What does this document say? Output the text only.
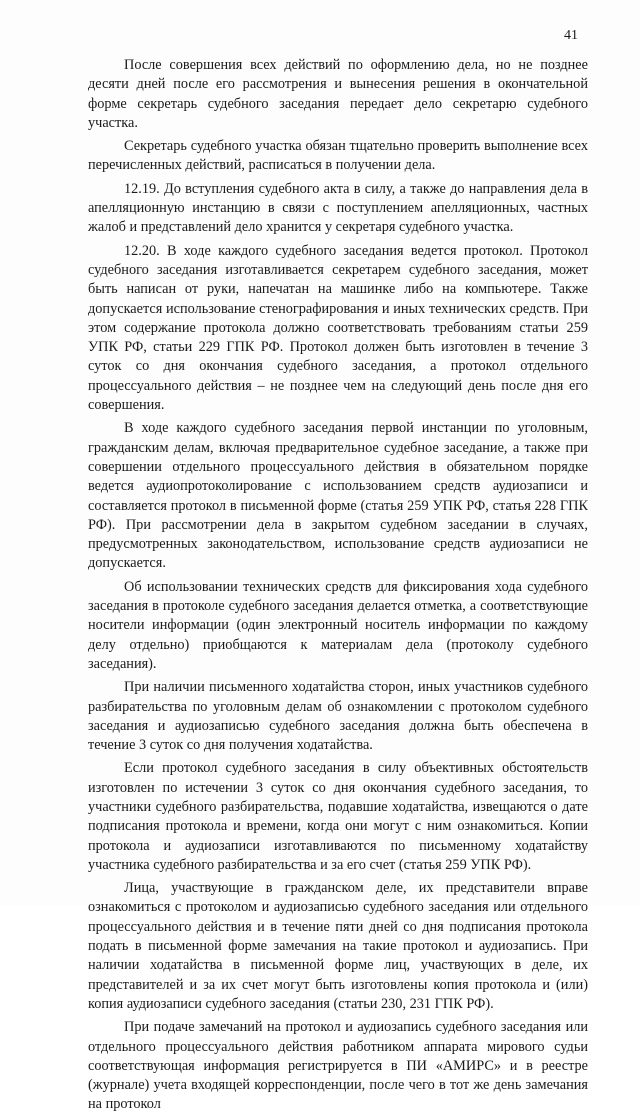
41

После совершения всех действий по оформлению дела, но не позднее десяти дней после его рассмотрения и вынесения решения в окончательной форме секретарь судебного заседания передает дело секретарю судебного участка.

Секретарь судебного участка обязан тщательно проверить выполнение всех перечисленных действий, расписаться в получении дела.

12.19. До вступления судебного акта в силу, а также до направления дела в апелляционную инстанцию в связи с поступлением апелляционных, частных жалоб и представлений дело хранится у секретаря судебного участка.

12.20. В ходе каждого судебного заседания ведется протокол. Протокол судебного заседания изготавливается секретарем судебного заседания, может быть написан от руки, напечатан на машинке либо на компьютере. Также допускается использование стенографирования и иных технических средств. При этом содержание протокола должно соответствовать требованиям статьи 259 УПК РФ, статьи 229 ГПК РФ. Протокол должен быть изготовлен в течение 3 суток со дня окончания судебного заседания, а протокол отдельного процессуального действия – не позднее чем на следующий день после дня его совершения.

В ходе каждого судебного заседания первой инстанции по уголовным, гражданским делам, включая предварительное судебное заседание, а также при совершении отдельного процессуального действия в обязательном порядке ведется аудиопротоколирование с использованием средств аудиозаписи и составляется протокол в письменной форме (статья 259 УПК РФ, статья 228 ГПК РФ). При рассмотрении дела в закрытом судебном заседании в случаях, предусмотренных законодательством, использование средств аудиозаписи не допускается.

Об использовании технических средств для фиксирования хода судебного заседания в протоколе судебного заседания делается отметка, а соответствующие носители информации (один электронный носитель информации по каждому делу отдельно) приобщаются к материалам дела (протоколу судебного заседания).

При наличии письменного ходатайства сторон, иных участников судебного разбирательства по уголовным делам об ознакомлении с протоколом судебного заседания и аудиозаписью судебного заседания должна быть обеспечена в течение 3 суток со дня получения ходатайства.

Если протокол судебного заседания в силу объективных обстоятельств изготовлен по истечении 3 суток со дня окончания судебного заседания, то участники судебного разбирательства, подавшие ходатайства, извещаются о дате подписания протокола и времени, когда они могут с ним ознакомиться. Копии протокола и аудиозаписи изготавливаются по письменному ходатайству участника судебного разбирательства и за его счет (статья 259 УПК РФ).

Лица, участвующие в гражданском деле, их представители вправе ознакомиться с протоколом и аудиозаписью судебного заседания или отдельного процессуального действия и в течение пяти дней со дня подписания протокола подать в письменной форме замечания на такие протокол и аудиозапись. При наличии ходатайства в письменной форме лиц, участвующих в деле, их представителей и за их счет могут быть изготовлены копия протокола и (или) копия аудиозаписи судебного заседания (статьи 230, 231 ГПК РФ).

При подаче замечаний на протокол и аудиозапись судебного заседания или отдельного процессуального действия работником аппарата мирового судьи соответствующая информация регистрируется в ПИ «АМИРС» и в реестре (журнале) учета входящей корреспонденции, после чего в тот же день замечания на протокол
